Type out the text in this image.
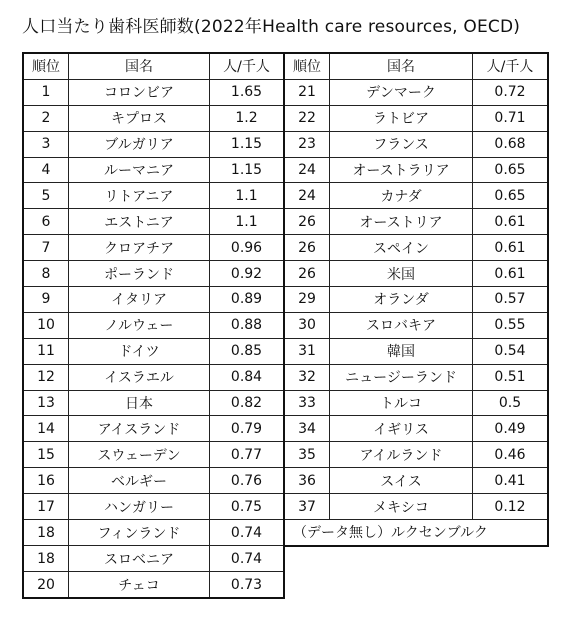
人口当たり歯科医師数(2022年Health care resources, OECD)
順位	国名	人/千人	順位	国名	人/千人
1	コロンビア	1.65	21	デンマーク	0.72
2	キプロス	1.2	22	ラトビア	0.71
3	ブルガリア	1.15	23	フランス	0.68
4	ルーマニア	1.15	24	オーストラリア	0.65
5	リトアニア	1.1	24	カナダ	0.65
6	エストニア	1.1	26	オーストリア	0.61
7	クロアチア	0.96	26	スペイン	0.61
8	ポーランド	0.92	26	米国	0.61
9	イタリア	0.89	29	オランダ	0.57
10	ノルウェー	0.88	30	スロバキア	0.55
11	ドイツ	0.85	31	韓国	0.54
12	イスラエル	0.84	32	ニュージーランド	0.51
13	日本	0.82	33	トルコ	0.5
14	アイスランド	0.79	34	イギリス	0.49
15	スウェーデン	0.77	35	アイルランド	0.46
16	ベルギー	0.76	36	スイス	0.41
17	ハンガリー	0.75	37	メキシコ	0.12
18	フィンランド	0.74	（データ無し）ルクセンブルク		
18	スロベニア	0.74			
20	チェコ	0.73			
